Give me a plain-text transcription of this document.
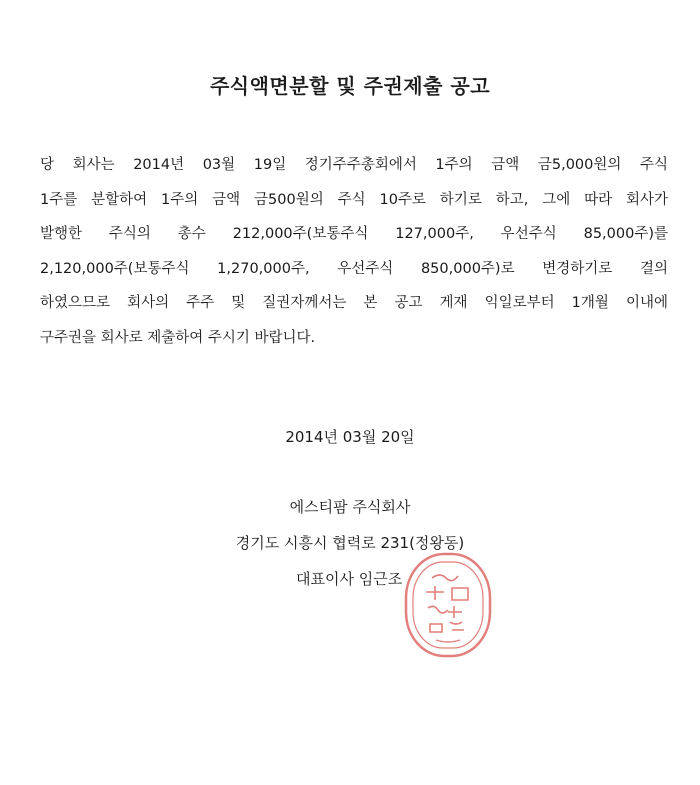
주식액면분할 및 주권제출 공고
당 회사는 2014년 03월 19일 정기주주총회에서 1주의 금액 금5,000원의 주식
1주를 분할하여 1주의 금액 금500원의 주식 10주로 하기로 하고, 그에 따라 회사가
발행한 주식의 총수 212,000주(보통주식 127,000주, 우선주식 85,000주)를
2,120,000주(보통주식 1,270,000주, 우선주식 850,000주)로 변경하기로 결의
하였으므로 회사의 주주 및 질권자께서는 본 공고 게재 익일로부터 1개월 이내에
구주권을 회사로 제출하여 주시기 바랍니다.
2014년 03월 20일
에스티팜 주식회사
경기도 시흥시 협력로 231(정왕동)
대표이사 임근조
